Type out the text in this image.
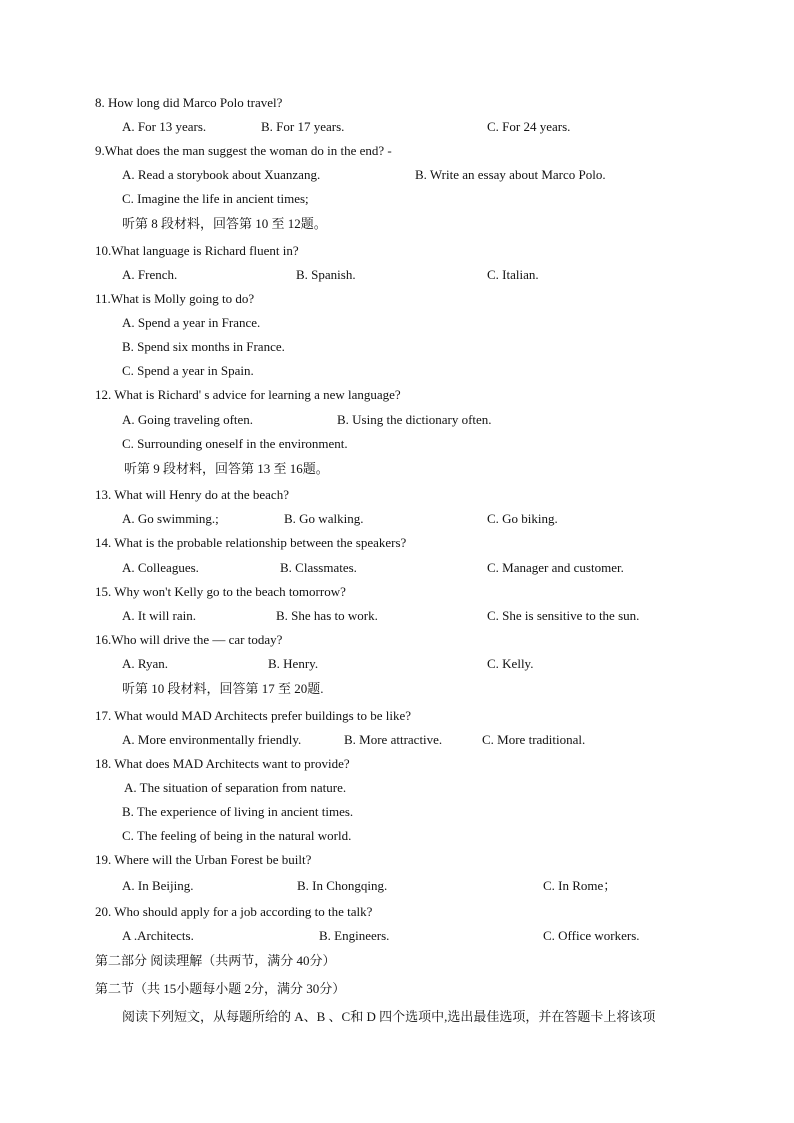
8. How long did Marco Polo travel?
A. For 13 years.	B. For 17 years.	C. For 24 years.
9.What does the man suggest the woman do in the end? -
A. Read a storybook about Xuanzang.	B. Write an essay about Marco Polo.
C. Imagine the life in ancient times;
听第 8 段材料，回答第 10 至 12题。
10.What language is Richard fluent in?
A. French.	B. Spanish.	C. Italian.
11.What is Molly going to do?
A. Spend a year in France.
B. Spend six months in France.
C. Spend a year in Spain.
12. What is Richard' s advice for learning a new language?
A. Going traveling often.	B. Using the dictionary often.
C. Surrounding oneself in the environment.
听第 9 段材料，回答第 13 至 16题。
13. What will Henry do at the beach?
A. Go swimming.;	B. Go walking.	C. Go biking.
14. What is the probable relationship between the speakers?
A. Colleagues.	B. Classmates.	C. Manager and customer.
15. Why won't Kelly go to the beach tomorrow?
A. It will rain.	B. She has to work.	C. She is sensitive to the sun.
16.Who will drive the — car today?
A. Ryan.	B. Henry.	C. Kelly.
听第 10 段材料，回答第 17 至 20题.
17. What would MAD Architects prefer buildings to be like?
A. More environmentally friendly.	B. More attractive.	C. More traditional.
18. What does MAD Architects want to provide?
A. The situation of separation from nature.
B. The experience of living in ancient times.
C. The feeling of being in the natural world.
19. Where will the Urban Forest be built?
A. In Beijing.	B. In Chongqing.	C. In Rome；
20. Who should apply for a job according to the talk?
A .Architects.	B. Engineers.	C. Office workers.
第二部分 阅读理解（共两节，满分 40分）
第二节（共 15小题每小题 2分，满分 30分）
阅读下列短文，从每题所给的 A、B 、C和 D 四个选项中,选出最佳选项，并在答题卡上将该项
